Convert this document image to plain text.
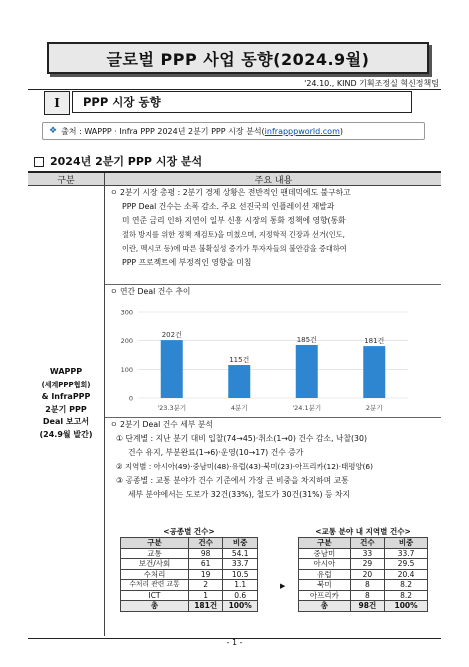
글로벌 PPP 사업 동향(2024.9월)
'24.10., KIND 기획조정실 혁신정책팀
I	PPP 시장 동향
❖ 출처 : WAPPP · Infra PPP 2024년 2분기 PPP 시장 분석( infrapppworld.com )
2024년 2분기 PPP 시장 분석
구분	주요 내용
WAPPP
(세계PPP협회)
& InfraPPP
2분기 PPP
Deal 보고서
(24.9월 발간)
ㅇ 2분기 시장 총평 : 2분기 경제 상황은 전반적인 팬데믹에도 불구하고
PPP Deal 건수는 소폭 감소. 주요 선진국의 인플레이션 재발과
미 연준 금리 인하 지연이 일부 신흥 시장의 통화 정책에 영향(통화
절하 방지를 위한 정책 재검토)을 미쳤으며, 지정학적 긴장과 선거(인도,
이란, 멕시코 등)에 따른 불확실성 증가가 투자자들의 불안감을 증대하여
PPP 프로젝트에 부정적인 영향을 미침
ㅇ 연간 Deal 건수 추이
0
100
200
300
202건
'23.3분기
115건
4분기
185건
'24.1분기
181건
2분기
ㅇ 2분기 Deal 건수 세부 분석
① 단계별 : 지난 분기 대비 입찰(74→45)·취소(1→0) 건수 감소, 낙찰(30)
건수 유지, 부분완료(1→6)·운영(10→17) 건수 증가
② 지역별 : 아시아(49)·중남미(48)·유럽(43)·북미(23)·아프리카(12)·태평양(6)
③ 공종별 : 교통 분야가 건수 기준에서 가장 큰 비중을 차지하며 교통
세부 분야에서는 도로가 32건(33%), 철도가 30건(31%) 등 차지
<공종별 건수>
구분	건수	비중
교통	98	54.1
보건/사회	61	33.7
수처리	19	10.5
수처리 관련 교통	2	1.1
ICT	1	0.6
총	181건	100%
▶
<교통 분야 내 지역별 건수>
구분	건수	비중
중남미	33	33.7
아시아	29	29.5
유럽	20	20.4
북미	8	8.2
아프리카	8	8.2
총	98건	100%
- 1 -
